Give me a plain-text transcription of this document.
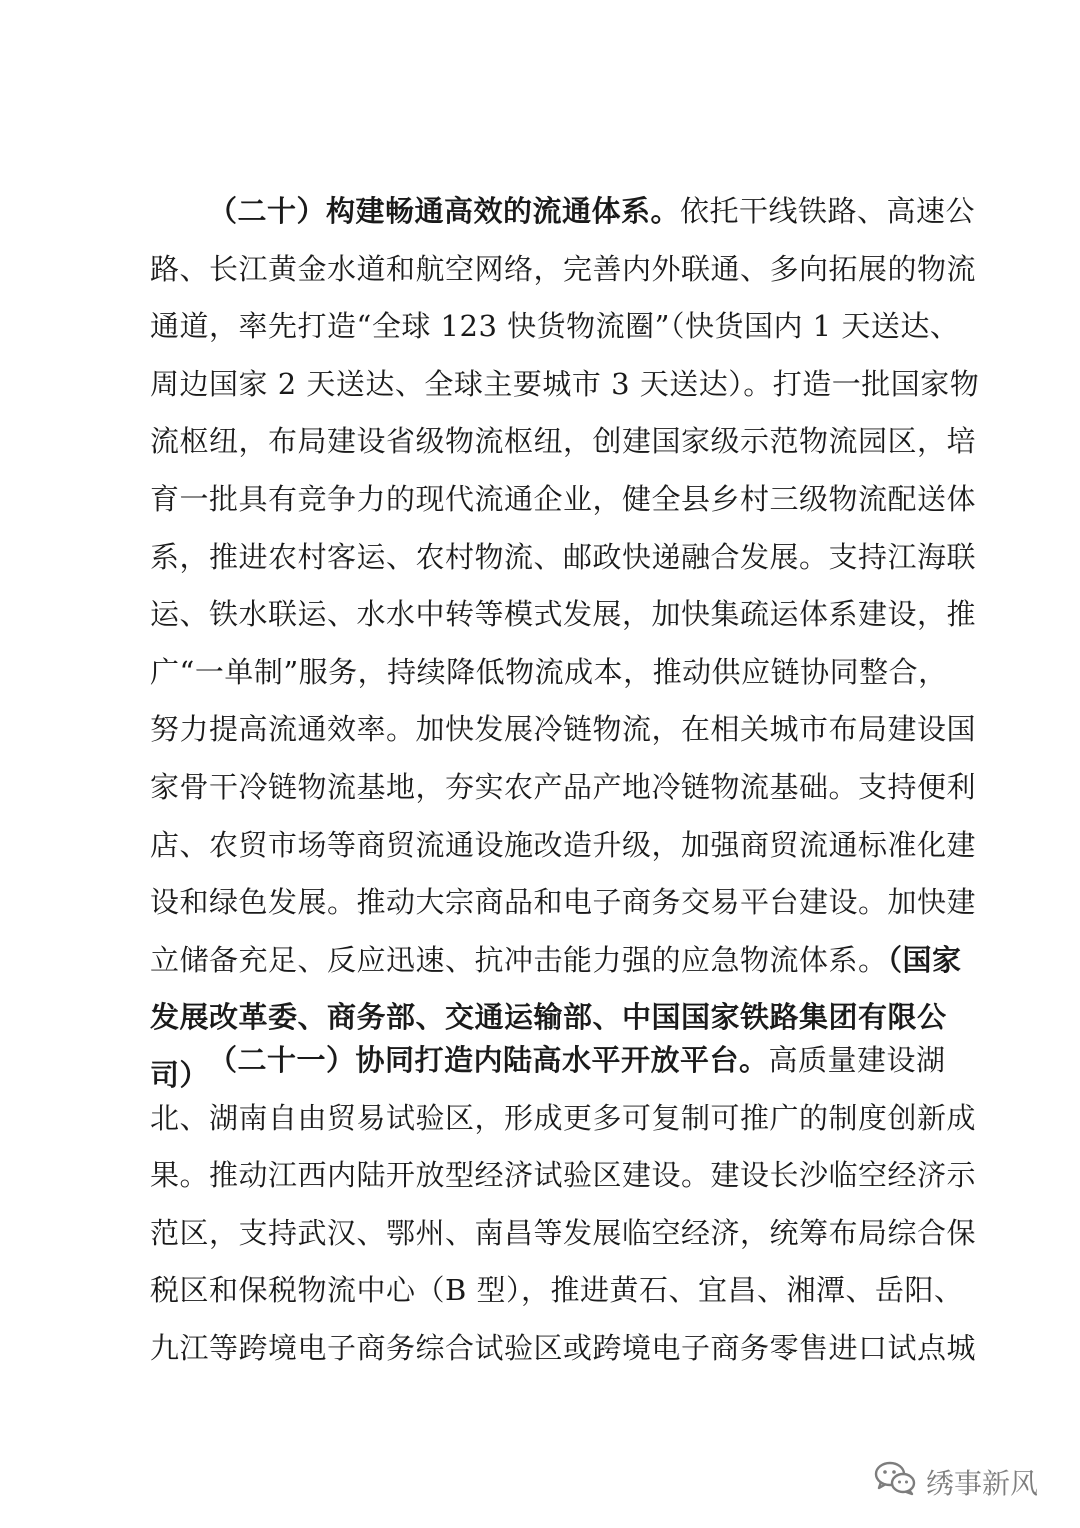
（二十）构建畅通高效的流通体系。依托干线铁路、高速公
路、长江黄金水道和航空网络，完善内外联通、多向拓展的物流
通道，率先打造“全球 123 快货物流圈”（快货国内 1 天送达、
周边国家 2 天送达、全球主要城市 3 天送达）。打造一批国家物
流枢纽，布局建设省级物流枢纽，创建国家级示范物流园区，培
育一批具有竞争力的现代流通企业，健全县乡村三级物流配送体
系，推进农村客运、农村物流、邮政快递融合发展。支持江海联
运、铁水联运、水水中转等模式发展，加快集疏运体系建设，推
广“一单制”服务，持续降低物流成本，推动供应链协同整合，
努力提高流通效率。加快发展冷链物流，在相关城市布局建设国
家骨干冷链物流基地，夯实农产品产地冷链物流基础。支持便利
店、农贸市场等商贸流通设施改造升级，加强商贸流通标准化建
设和绿色发展。推动大宗商品和电子商务交易平台建设。加快建
立储备充足、反应迅速、抗冲击能力强的应急物流体系。（国家
发展改革委、商务部、交通运输部、中国国家铁路集团有限公
司）
（二十一）协同打造内陆高水平开放平台。高质量建设湖
北、湖南自由贸易试验区，形成更多可复制可推广的制度创新成
果。推动江西内陆开放型经济试验区建设。建设长沙临空经济示
范区，支持武汉、鄂州、南昌等发展临空经济，统筹布局综合保
税区和保税物流中心（B 型），推进黄石、宜昌、湘潭、岳阳、
九江等跨境电子商务综合试验区或跨境电子商务零售进口试点城
绣事新风
